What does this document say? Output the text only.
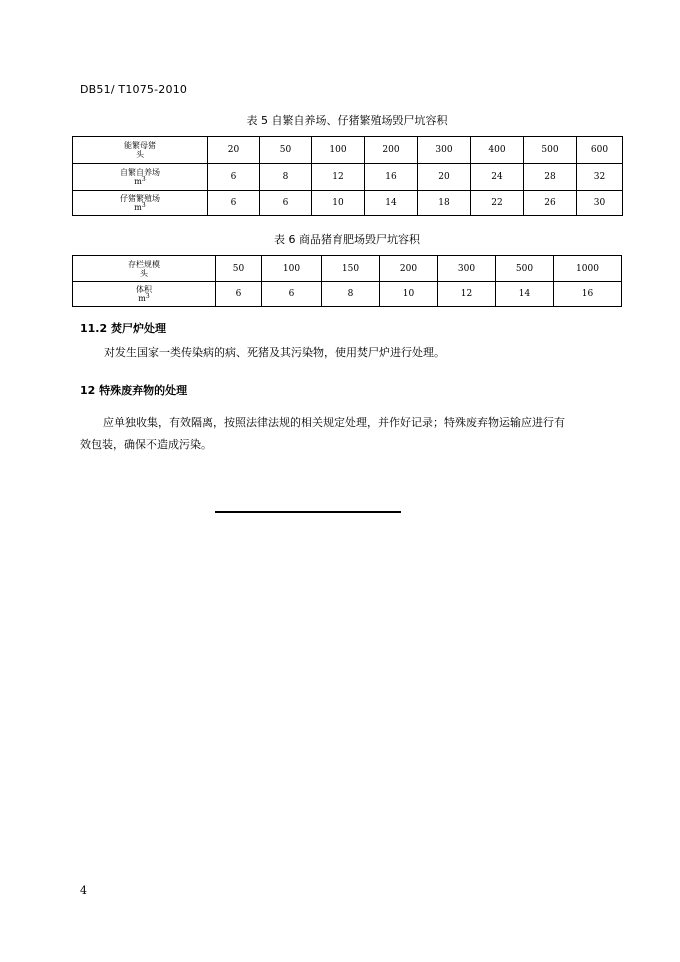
DB51/ T1075-2010
表 5 自繁自养场、仔猪繁殖场毁尸坑容积
能繁母猪
头	20	50	100	200	300	400	500	600

自繁自养场
$m^3$	6	8	12	16	20	24	28	32

仔猪繁殖场
$m^3$	6	6	10	14	18	22	26	30
表 6 商品猪育肥场毁尸坑容积
存栏规模
头	50	100	150	200	300	500	1000

体积
$m^3$	6	6	8	10	12	14	16
11.2 焚尸炉处理
对发生国家一类传染病的病、死猪及其污染物，使用焚尸炉进行处理。
12 特殊废弃物的处理
应单独收集，有效隔离，按照法律法规的相关规定处理，并作好记录；特殊废弃物运输应进行有
效包装，确保不造成污染。
4
